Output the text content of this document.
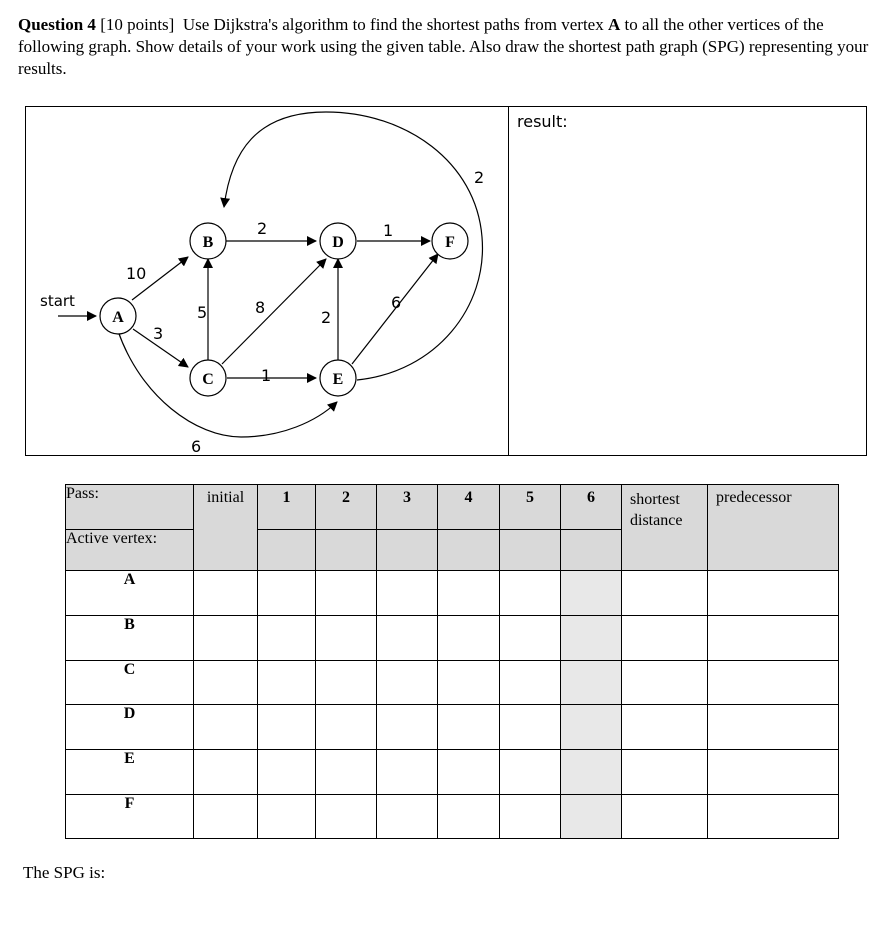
Question 4 [10 points] Use Dijkstra's algorithm to find the shortest paths from vertex A to all the other vertices of the following graph. Show details of your work using the given table. Also draw the shortest path graph (SPG) representing your results.
result:
start
10
3
6
5	8
1
2
2
1
6
2
A
B
C
D
E
F
Pass:	initial	1	2	3	4	5	6	shortest distance	predecessor
Active vertex:									
A									
B									
C									
D									
E									
F									
The SPG is:
